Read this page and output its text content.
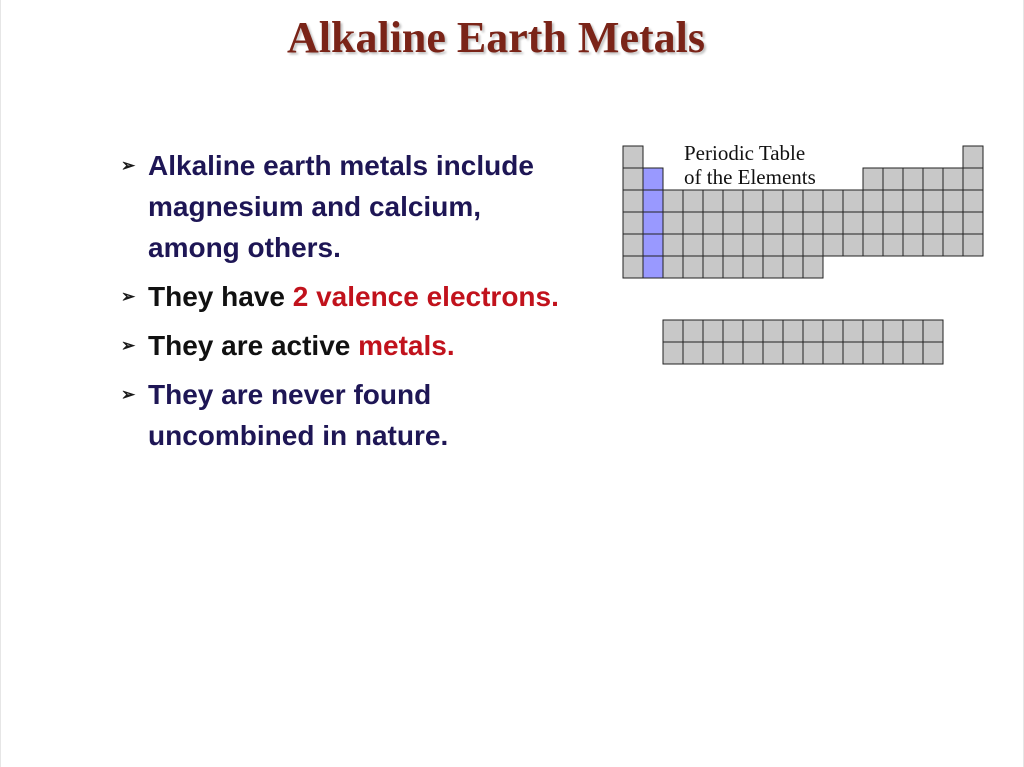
Alkaline Earth Metals
➢ Alkaline earth metals include magnesium and calcium, among others.
➢ They have 2 valence electrons.
➢ They are active metals.
➢ They are never found uncombined in nature.
Periodic Table
of the Elements
